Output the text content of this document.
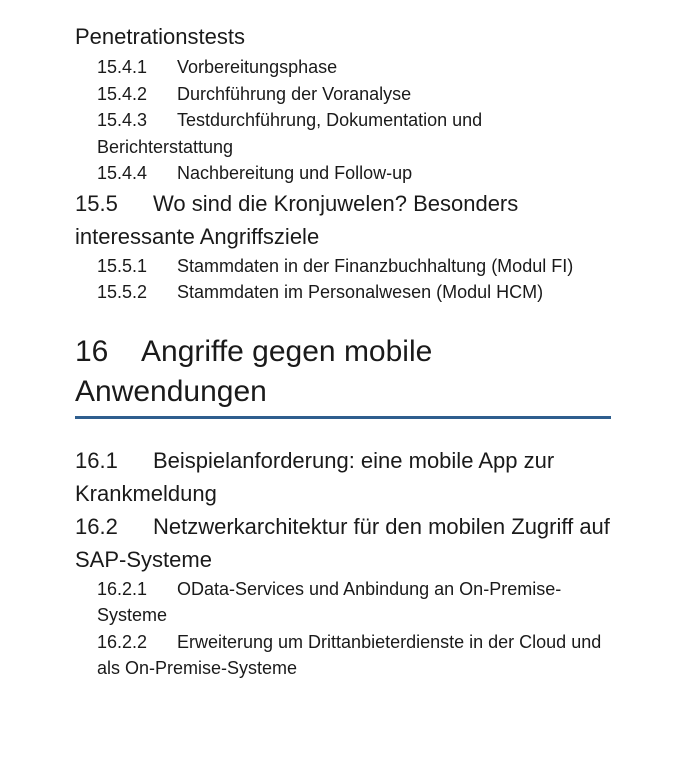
Penetrationstests
15.4.1 Vorbereitungsphase
15.4.2 Durchführung der Voranalyse
15.4.3 Testdurchführung, Dokumentation und Berichterstattung
15.4.4 Nachbereitung und Follow-up
15.5 Wo sind die Kronjuwelen? Besonders interessante Angriffsziele
15.5.1 Stammdaten in der Finanzbuchhaltung (Modul FI)
15.5.2 Stammdaten im Personalwesen (Modul HCM)
16 Angriffe gegen mobile Anwendungen
16.1 Beispielanforderung: eine mobile App zur Krankmeldung
16.2 Netzwerkarchitektur für den mobilen Zugriff auf SAP-Systeme
16.2.1 OData-Services und Anbindung an On-Premise-Systeme
16.2.2 Erweiterung um Drittanbieterdienste in der Cloud und als On-Premise-Systeme
